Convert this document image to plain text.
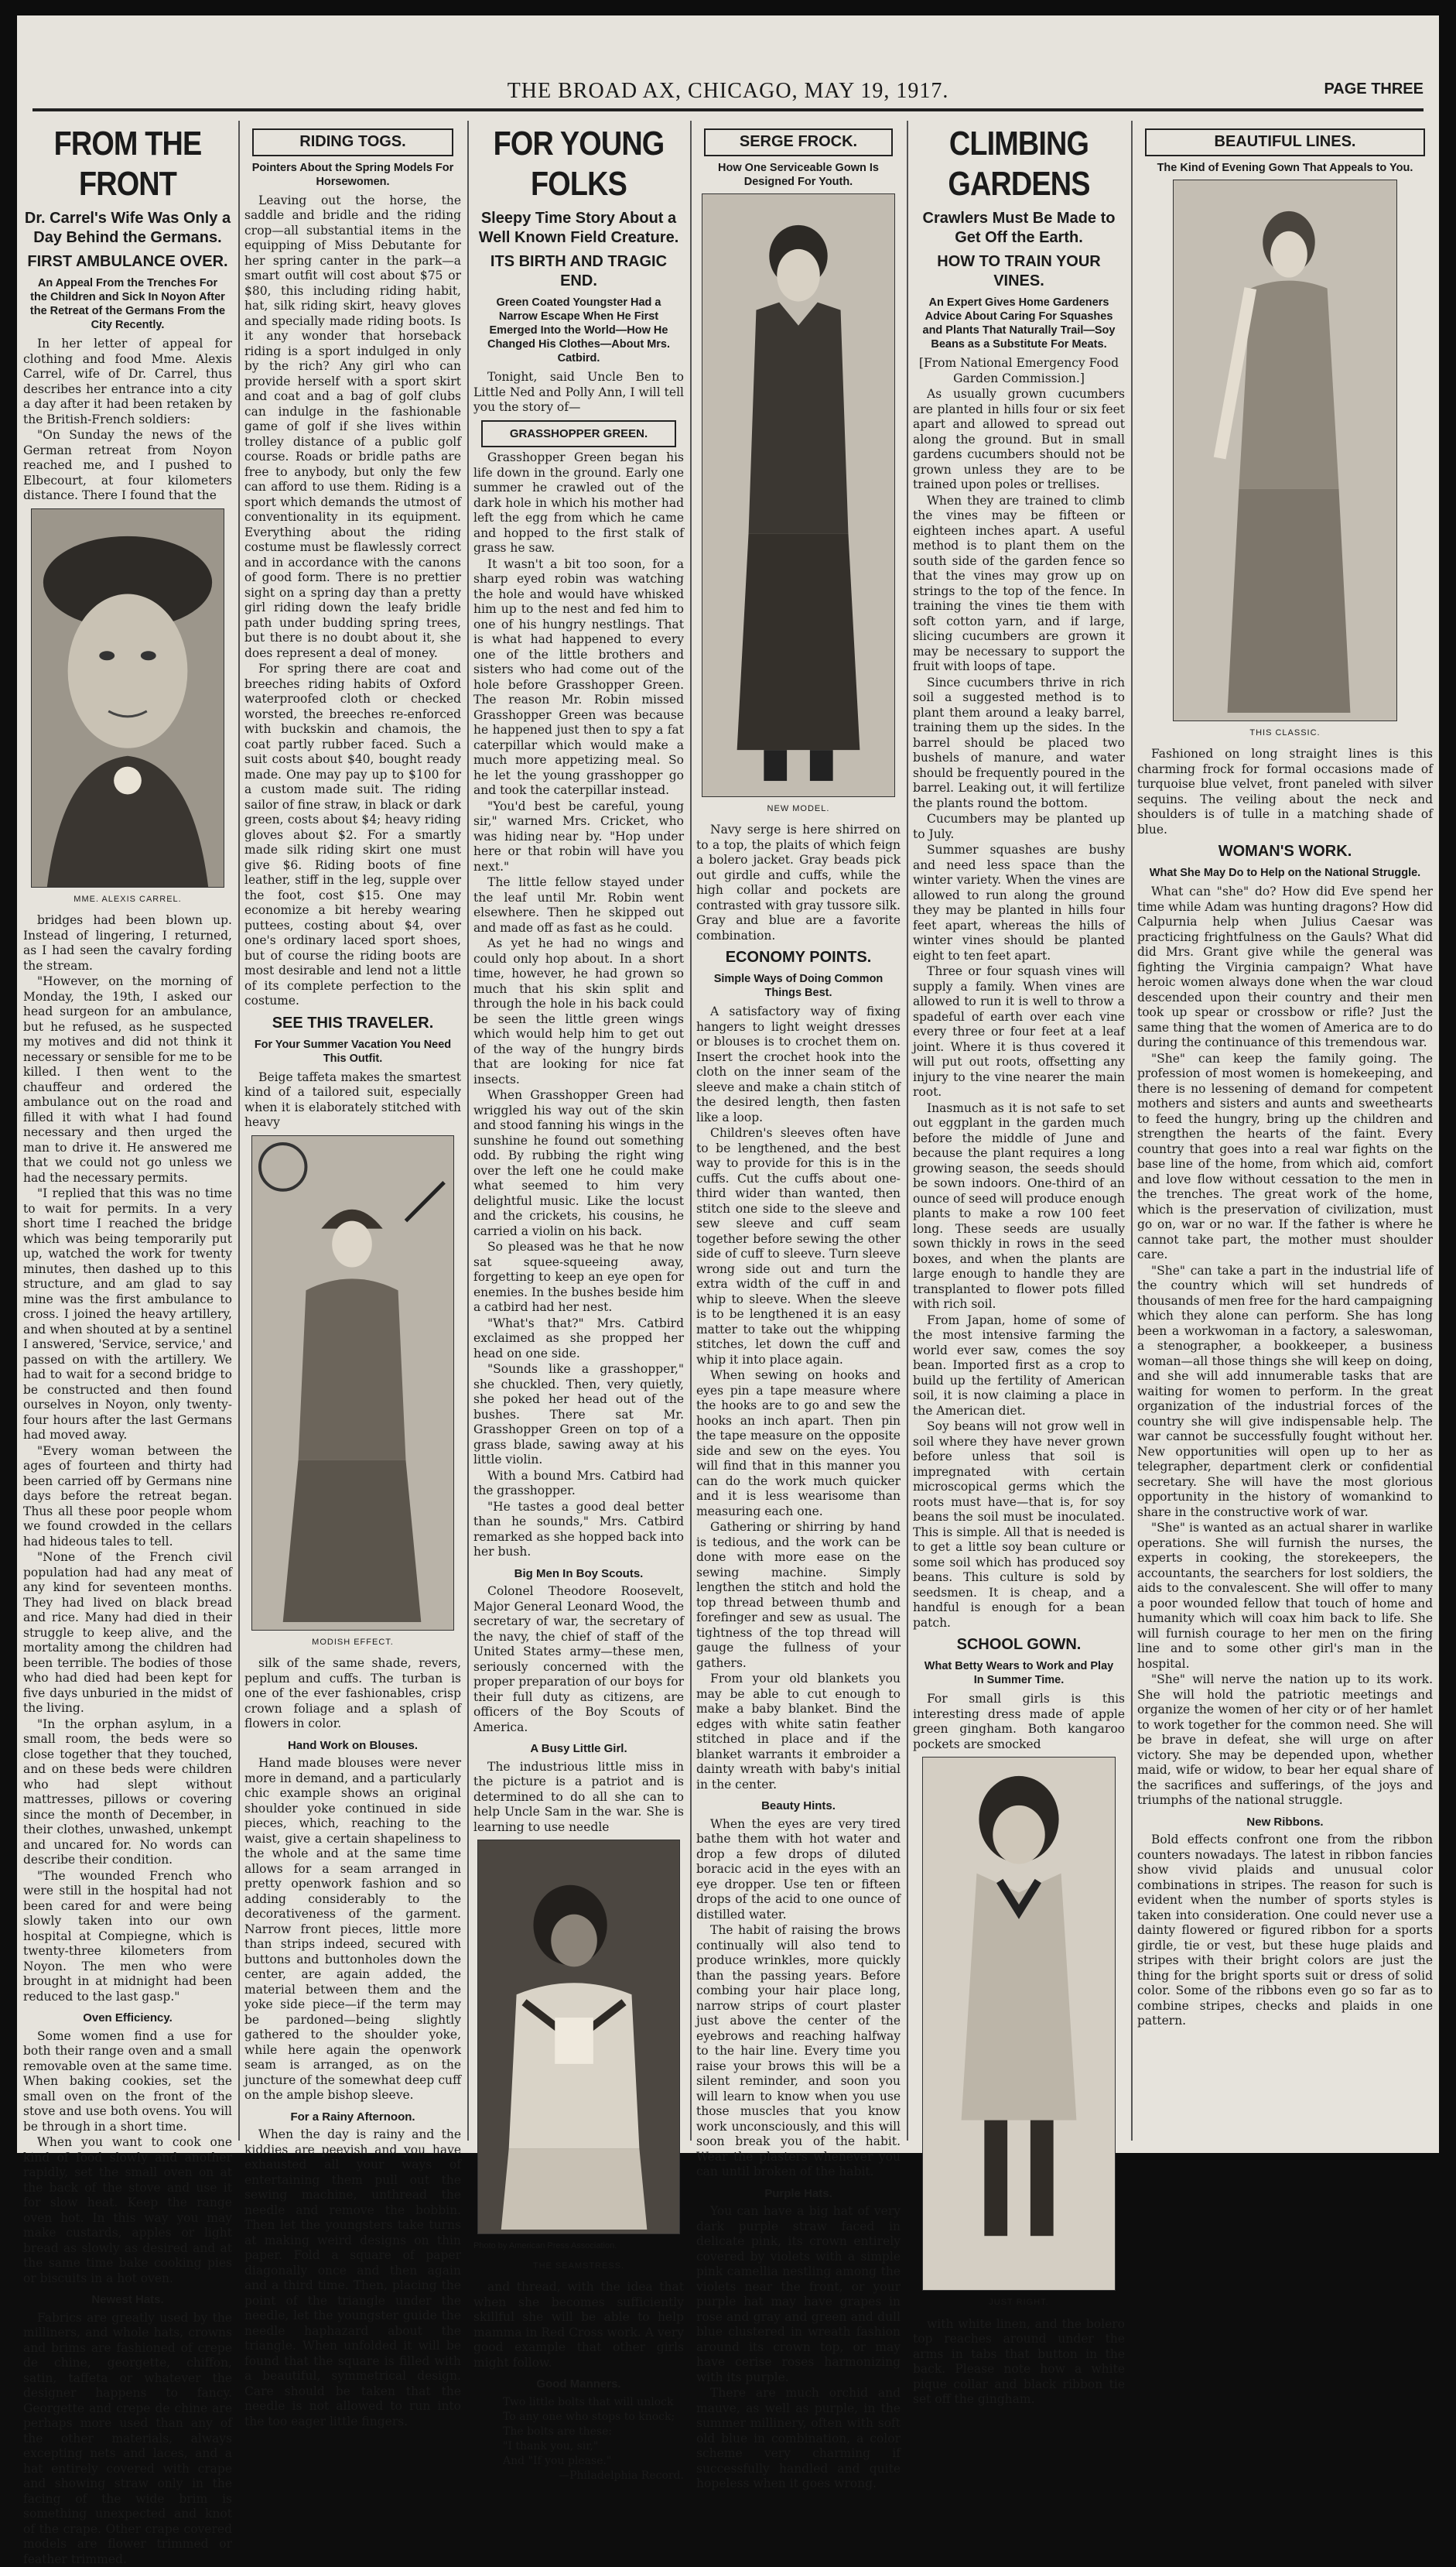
THE BROAD AX, CHICAGO, MAY 19, 1917.	PAGE THREE
FROM THE FRONT
Dr. Carrel's Wife Was Only a Day Behind the Germans.
FIRST AMBULANCE OVER.
An Appeal From the Trenches For the Children and Sick In Noyon After the Retreat of the Germans From the City Recently.

In her letter of appeal for clothing and food Mme. Alexis Carrel, wife of Dr. Carrel, thus describes her entrance into a city a day after it had been retaken by the British-French soldiers:

"On Sunday the news of the German retreat from Noyon reached me, and I pushed to Elbecourt, at four kilometers distance. There I found that the

MME. ALEXIS CARREL.

bridges had been blown up. Instead of lingering, I returned, as I had seen the cavalry fording the stream.

"However, on the morning of Monday, the 19th, I asked our head surgeon for an ambulance, but he refused, as he suspected my motives and did not think it necessary or sensible for me to be killed. I then went to the chauffeur and ordered the ambulance out on the road and filled it with what I had found necessary and then urged the man to drive it. He answered me that we could not go unless we had the necessary permits.

"I replied that this was no time to wait for permits. In a very short time I reached the bridge which was being temporarily put up, watched the work for twenty minutes, then dashed up to this structure, and am glad to say mine was the first ambulance to cross. I joined the heavy artillery, and when shouted at by a sentinel I answered, 'Service, service,' and passed on with the artillery. We had to wait for a second bridge to be constructed and then found ourselves in Noyon, only twenty-four hours after the last Germans had moved away.

"Every woman between the ages of fourteen and thirty had been carried off by Germans nine days before the retreat began. Thus all these poor people whom we found crowded in the cellars had hideous tales to tell.

"None of the French civil population had had any meat of any kind for seventeen months. They had lived on black bread and rice. Many had died in their struggle to keep alive, and the mortality among the children had been terrible. The bodies of those who had died had been kept for five days unburied in the midst of the living.

"In the orphan asylum, in a small room, the beds were so close together that they touched, and on these beds were children who had slept without mattresses, pillows or covering since the month of December, in their clothes, unwashed, unkempt and uncared for. No words can describe their condition.

"The wounded French who were still in the hospital had not been cared for and were being slowly taken into our own hospital at Compiegne, which is twenty-three kilometers from Noyon. The men who were brought in at midnight had been reduced to the last gasp."

Oven Efficiency.

Some women find a use for both their range oven and a small removable oven at the same time. When baking cookies, set the small oven on the front of the stove and use both ovens. You will be through in a short time.

When you want to cook one kind of food slowly and another rapidly, set the small oven on at the back of the stove and use it for slow heat. Keep the range oven hot. In this way you may make custards, apples or light bread as slowly as desired and at the same time bake cooking pies or biscuits in a hot oven.

Newest Hats.

Fabrics are greatly used by the milliners, and whole hats, crowns and brims are fashioned of crepe de chine, georgette, chiffon, satin, taffeta or whatever the designer happens to fancy. Georgette and crepe de chine are perhaps more used than any of the other materials, always excepting nets and laces, and a hat entirely covered with crape and showing straw only in the facing of the wide brim is something unexpected and knot of the crape. Other crape covered models are flower trimmed or feather trimmed.

RIDING TOGS.
Pointers About the Spring Models For Horsewomen.

Leaving out the horse, the saddle and bridle and the riding crop—all substantial items in the equipping of Miss Debutante for her spring canter in the park—a smart outfit will cost about $75 or $80, this including riding habit, hat, silk riding skirt, heavy gloves and specially made riding boots. Is it any wonder that horseback riding is a sport indulged in only by the rich? Any girl who can provide herself with a sport skirt and coat and a bag of golf clubs can indulge in the fashionable game of golf if she lives within trolley distance of a public golf course. Roads or bridle paths are free to anybody, but only the few can afford to use them. Riding is a sport which demands the utmost of conventionality in its equipment. Everything about the riding costume must be flawlessly correct and in accordance with the canons of good form. There is no prettier sight on a spring day than a pretty girl riding down the leafy bridle path under budding spring trees, but there is no doubt about it, she does represent a deal of money.

For spring there are coat and breeches riding habits of Oxford waterproofed cloth or checked worsted, the breeches re-enforced with buckskin and chamois, the coat partly rubber faced. Such a suit costs about $40, bought ready made. One may pay up to $100 for a custom made suit. The riding sailor of fine straw, in black or dark green, costs about $4; heavy riding gloves about $2. For a smartly made silk riding skirt one must give $6. Riding boots of fine leather, stiff in the leg, supple over the foot, cost $15. One may economize a bit hereby wearing puttees, costing about $4, over one's ordinary laced sport shoes, but of course the riding boots are most desirable and lend not a little of its complete perfection to the costume.

SEE THIS TRAVELER.
For Your Summer Vacation You Need This Outfit.

Beige taffeta makes the smartest kind of a tailored suit, especially when it is elaborately stitched with heavy

MODISH EFFECT.

silk of the same shade, revers, peplum and cuffs. The turban is one of the ever fashionables, crisp crown foliage and a splash of flowers in color.

Hand Work on Blouses.

Hand made blouses were never more in demand, and a particularly chic example shows an original shoulder yoke continued in side pieces, which, reaching to the waist, give a certain shapeliness to the whole and at the same time allows for a seam arranged in pretty openwork fashion and so adding considerably to the decorativeness of the garment. Narrow front pieces, little more than strips indeed, secured with buttons and buttonholes down the center, are again added, the material between them and the yoke side piece—if the term may be pardoned—being slightly gathered to the shoulder yoke, while here again the openwork seam is arranged, as on the juncture of the somewhat deep cuff on the ample bishop sleeve.

For a Rainy Afternoon.

When the day is rainy and the kiddies are peevish and you have exhausted all your ways of entertaining them pull out the sewing machine, unthread the needle and remove the bobbin. Then let the youngsters take turns at making weird designs on thin paper. Fold a square of paper diagonally once and then again and a third time. Then, placing the point of the triangle under the needle, let the youngster guide the needle haphazard about the triangle. When unfolded it will be found that the square is filled with a beautiful, symmetrical design. Care should be taken that the needle is not allowed to run into the too eager little fingers.

FOR YOUNG FOLKS
Sleepy Time Story About a Well Known Field Creature.
ITS BIRTH AND TRAGIC END.
Green Coated Youngster Had a Narrow Escape When He First Emerged Into the World—How He Changed His Clothes—About Mrs. Catbird.

Tonight, said Uncle Ben to Little Ned and Polly Ann, I will tell you the story of—

GRASSHOPPER GREEN.

Grasshopper Green began his life down in the ground. Early one summer he crawled out of the dark hole in which his mother had left the egg from which he came and hopped to the first stalk of grass he saw.

It wasn't a bit too soon, for a sharp eyed robin was watching the hole and would have whisked him up to the nest and fed him to one of his hungry nestlings. That is what had happened to every one of the little brothers and sisters who had come out of the hole before Grasshopper Green. The reason Mr. Robin missed Grasshopper Green was because he happened just then to spy a fat caterpillar which would make a much more appetizing meal. So he let the young grasshopper go and took the caterpillar instead.

"You'd best be careful, young sir," warned Mrs. Cricket, who was hiding near by. "Hop under here or that robin will have you next."

The little fellow stayed under the leaf until Mr. Robin went elsewhere. Then he skipped out and made off as fast as he could.

As yet he had no wings and could only hop about. In a short time, however, he had grown so much that his skin split and through the hole in his back could be seen the little green wings which would help him to get out of the way of the hungry birds that are looking for nice fat insects.

When Grasshopper Green had wriggled his way out of the skin and stood fanning his wings in the sunshine he found out something odd. By rubbing the right wing over the left one he could make what seemed to him very delightful music. Like the locust and the crickets, his cousins, he carried a violin on his back.

So pleased was he that he now sat squee-squeeing away, forgetting to keep an eye open for enemies. In the bushes beside him a catbird had her nest.

"What's that?" Mrs. Catbird exclaimed as she propped her head on one side.

"Sounds like a grasshopper," she chuckled. Then, very quietly, she poked her head out of the bushes. There sat Mr. Grasshopper Green on top of a grass blade, sawing away at his little violin.

With a bound Mrs. Catbird had the grasshopper.

"He tastes a good deal better than he sounds," Mrs. Catbird remarked as she hopped back into her bush.

Big Men In Boy Scouts.

Colonel Theodore Roosevelt, Major General Leonard Wood, the secretary of war, the secretary of the navy, the chief of staff of the United States army—these men, seriously concerned with the proper preparation of our boys for their full duty as citizens, are officers of the Boy Scouts of America.

A Busy Little Girl.

The industrious little miss in the picture is a patriot and is determined to do all she can to help Uncle Sam in the war. She is learning to use needle

Photo by American Press Association.
THE SEAMSTRESS.

and thread, with the idea that when she becomes sufficiently skillful she will be able to help mamma in Red Cross work. A very good example that other girls might follow.

Good Manners.

Two little bolts that will unlock

To any one who stops to knock;

The bolts are these:

"I thank you, sir,"

And "If you please."

—Philadelphia Record.

SERGE FROCK.
How One Serviceable Gown Is Designed For Youth.
NEW MODEL.

Navy serge is here shirred on to a top, the plaits of which feign a bolero jacket. Gray beads pick out girdle and cuffs, while the high collar and pockets are contrasted with gray tussore silk. Gray and blue are a favorite combination.

ECONOMY POINTS.
Simple Ways of Doing Common Things Best.

A satisfactory way of fixing hangers to light weight dresses or blouses is to crochet them on. Insert the crochet hook into the cloth on the inner seam of the sleeve and make a chain stitch of the desired length, then fasten like a loop.

Children's sleeves often have to be lengthened, and the best way to provide for this is in the cuffs. Cut the cuffs about one-third wider than wanted, then stitch one side to the sleeve and sew sleeve and cuff seam together before sewing the other side of cuff to sleeve. Turn sleeve wrong side out and turn the extra width of the cuff in and whip to sleeve. When the sleeve is to be lengthened it is an easy matter to take out the whipping stitches, let down the cuff and whip it into place again.

When sewing on hooks and eyes pin a tape measure where the hooks are to go and sew the hooks an inch apart. Then pin the tape measure on the opposite side and sew on the eyes. You will find that in this manner you can do the work much quicker and it is less wearisome than measuring each one.

Gathering or shirring by hand is tedious, and the work can be done with more ease on the sewing machine. Simply lengthen the stitch and hold the top thread between thumb and forefinger and sew as usual. The tightness of the top thread will gauge the fullness of your gathers.

From your old blankets you may be able to cut enough to make a baby blanket. Bind the edges with white satin feather stitched in place and if the blanket warrants it embroider a dainty wreath with baby's initial in the center.

Beauty Hints.

When the eyes are very tired bathe them with hot water and drop a few drops of diluted boracic acid in the eyes with an eye dropper. Use ten or fifteen drops of the acid to one ounce of distilled water.

The habit of raising the brows continually will also tend to produce wrinkles, more quickly than the passing years. Before combing your hair place long, narrow strips of court plaster just above the center of the eyebrows and reaching halfway to the hair line. Every time you raise your brows this will be a silent reminder, and soon you will learn to know when you use those muscles that you know work unconsciously, and this will soon break you of the habit. Wear the plasters whenever you can until broken of the habit.

Purple Hats.

You can have a big hat of very dark purple straw faced in delicate pink, its crown entirely covered by violets with a simple pink camellia nestling among the violets near the front, or your purple hat may have grapes in rose and gray and green and dull blue clustered in wreath fashion around its crown top, or may have cerise roses harmonizing with its purple.

There are much orchid and mauve, as well as purple, in the summer millinery, often with soft old blue in combination, a color scheme very charming if successfully handled and quite hopeless when it goes wrong.

CLIMBING GARDENS
Crawlers Must Be Made to Get Off the Earth.
HOW TO TRAIN YOUR VINES.
An Expert Gives Home Gardeners Advice About Caring For Squashes and Plants That Naturally Trail—Soy Beans as a Substitute For Meats.

[From National Emergency Food Garden Commission.]

As usually grown cucumbers are planted in hills four or six feet apart and allowed to spread out along the ground. But in small gardens cucumbers should not be grown unless they are to be trained upon poles or trellises.

When they are trained to climb the vines may be fifteen or eighteen inches apart. A useful method is to plant them on the south side of the garden fence so that the vines may grow up on strings to the top of the fence. In training the vines tie them with soft cotton yarn, and if large, slicing cucumbers are grown it may be necessary to support the fruit with loops of tape.

Since cucumbers thrive in rich soil a suggested method is to plant them around a leaky barrel, training them up the sides. In the barrel should be placed two bushels of manure, and water should be frequently poured in the barrel. Leaking out, it will fertilize the plants round the bottom.

Cucumbers may be planted up to July.

Summer squashes are bushy and need less space than the winter variety. When the vines are allowed to run along the ground they may be planted in hills four feet apart, whereas the hills of winter vines should be planted eight to ten feet apart.

Three or four squash vines will supply a family. When vines are allowed to run it is well to throw a spadeful of earth over each vine every three or four feet at a leaf joint. Where it is thus covered it will put out roots, offsetting any injury to the vine nearer the main root.

Inasmuch as it is not safe to set out eggplant in the garden much before the middle of June and because the plant requires a long growing season, the seeds should be sown indoors. One-third of an ounce of seed will produce enough plants to make a row 100 feet long. These seeds are usually sown thickly in rows in the seed boxes, and when the plants are large enough to handle they are transplanted to flower pots filled with rich soil.

From Japan, home of some of the most intensive farming the world ever saw, comes the soy bean. Imported first as a crop to build up the fertility of American soil, it is now claiming a place in the American diet.

Soy beans will not grow well in soil where they have never grown before unless that soil is impregnated with certain microscopical germs which the roots must have—that is, for soy beans the soil must be inoculated. This is simple. All that is needed is to get a little soy bean culture or some soil which has produced soy beans. This culture is sold by seedsmen. It is cheap, and a handful is enough for a bean patch.

SCHOOL GOWN.
What Betty Wears to Work and Play In Summer Time.

For small girls is this interesting dress made of apple green gingham. Both kangaroo pockets are smocked

JUST RIGHT.

with white linen, and the bolero top reaches around under the arms in tabs that button in the back. Please note how a white pique collar and black ribbon tie set off the gingham.

BEAUTIFUL LINES.
The Kind of Evening Gown That Appeals to You.
THIS CLASSIC.

Fashioned on long straight lines is this charming frock for formal occasions made of turquoise blue velvet, front paneled with silver sequins. The veiling about the neck and shoulders is of tulle in a matching shade of blue.

WOMAN'S WORK.
What She May Do to Help on the National Struggle.

What can "she" do? How did Eve spend her time while Adam was hunting dragons? How did Calpurnia help when Julius Caesar was practicing frightfulness on the Gauls? What did did Mrs. Grant give while the general was fighting the Virginia campaign? What have heroic women always done when the war cloud descended upon their country and their men took up spear or crossbow or rifle? Just the same thing that the women of America are to do during the continuance of this tremendous war.

"She" can keep the family going. The profession of most women is homekeeping, and there is no lessening of demand for competent mothers and sisters and aunts and sweethearts to feed the hungry, bring up the children and strengthen the hearts of the faint. Every country that goes into a real war fights on the base line of the home, from which aid, comfort and love flow without cessation to the men in the trenches. The great work of the home, which is the preservation of civilization, must go on, war or no war. If the father is where he cannot take part, the mother must shoulder care.

"She" can take a part in the industrial life of the country which will set hundreds of thousands of men free for the hard campaigning which they alone can perform. She has long been a workwoman in a factory, a saleswoman, a stenographer, a bookkeeper, a business woman—all those things she will keep on doing, and she will add innumerable tasks that are waiting for women to perform. In the great organization of the industrial forces of the country she will give indispensable help. The war cannot be successfully fought without her. New opportunities will open up to her as telegrapher, department clerk or confidential secretary. She will have the most glorious opportunity in the history of womankind to share in the constructive work of war.

"She" is wanted as an actual sharer in warlike operations. She will furnish the nurses, the experts in cooking, the storekeepers, the accountants, the searchers for lost soldiers, the aids to the convalescent. She will offer to many a poor wounded fellow that touch of home and humanity which will coax him back to life. She will furnish courage to her men on the firing line and to some other girl's man in the hospital.

"She" will nerve the nation up to its work. She will hold the patriotic meetings and organize the women of her city or of her hamlet to work together for the common need. She will be brave in defeat, she will urge on after victory. She may be depended upon, whether maid, wife or widow, to bear her equal share of the sacrifices and sufferings, of the joys and triumphs of the national struggle.

New Ribbons.

Bold effects confront one from the ribbon counters nowadays. The latest in ribbon fancies show vivid plaids and unusual color combinations in stripes. The reason for such is evident when the number of sports styles is taken into consideration. One could never use a dainty flowered or figured ribbon for a sports girdle, tie or vest, but these huge plaids and stripes with their bright colors are just the thing for the bright sports suit or dress of solid color. Some of the ribbons even go so far as to combine stripes, checks and plaids in one pattern.
